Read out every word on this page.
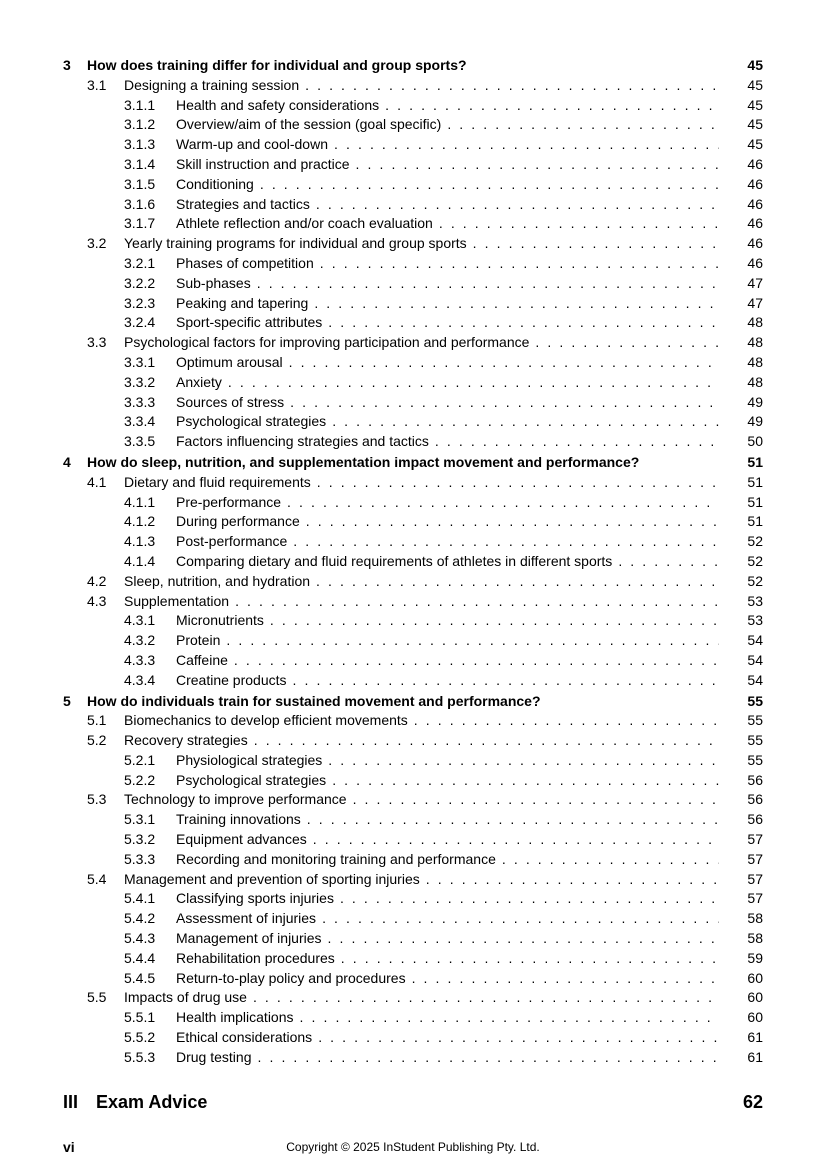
3 How does training differ for individual and group sports?	45
3.1 Designing a training session . . .	45
3.1.1 Health and safety considerations . . .	45
3.1.2 Overview/aim of the session (goal specific) . . .	45
3.1.3 Warm-up and cool-down . . .	45
3.1.4 Skill instruction and practice . . .	46
3.1.5 Conditioning . . .	46
3.1.6 Strategies and tactics . . .	46
3.1.7 Athlete reflection and/or coach evaluation . . .	46
3.2 Yearly training programs for individual and group sports . . .	46
3.2.1 Phases of competition . . .	46
3.2.2 Sub-phases . . .	47
3.2.3 Peaking and tapering . . .	47
3.2.4 Sport-specific attributes . . .	48
3.3 Psychological factors for improving participation and performance . . .	48
3.3.1 Optimum arousal . . .	48
3.3.2 Anxiety . . .	48
3.3.3 Sources of stress . . .	49
3.3.4 Psychological strategies . . .	49
3.3.5 Factors influencing strategies and tactics . . .	50
4 How do sleep, nutrition, and supplementation impact movement and performance?	51
4.1 Dietary and fluid requirements . . .	51
4.1.1 Pre-performance . . .	51
4.1.2 During performance . . .	51
4.1.3 Post-performance . . .	52
4.1.4 Comparing dietary and fluid requirements of athletes in different sports . . .	52
4.2 Sleep, nutrition, and hydration . . .	52
4.3 Supplementation . . .	53
4.3.1 Micronutrients . . .	53
4.3.2 Protein . . .	54
4.3.3 Caffeine . . .	54
4.3.4 Creatine products . . .	54
5 How do individuals train for sustained movement and performance?	55
5.1 Biomechanics to develop efficient movements . . .	55
5.2 Recovery strategies . . .	55
5.2.1 Physiological strategies . . .	55
5.2.2 Psychological strategies . . .	56
5.3 Technology to improve performance . . .	56
5.3.1 Training innovations . . .	56
5.3.2 Equipment advances . . .	57
5.3.3 Recording and monitoring training and performance . . .	57
5.4 Management and prevention of sporting injuries . . .	57
5.4.1 Classifying sports injuries . . .	57
5.4.2 Assessment of injuries . . .	58
5.4.3 Management of injuries . . .	58
5.4.4 Rehabilitation procedures . . .	59
5.4.5 Return-to-play policy and procedures . . .	60
5.5 Impacts of drug use . . .	60
5.5.1 Health implications . . .	60
5.5.2 Ethical considerations . . .	61
5.5.3 Drug testing . . .	61
III Exam Advice	62
vi	Copyright © 2025 InStudent Publishing Pty. Ltd.
